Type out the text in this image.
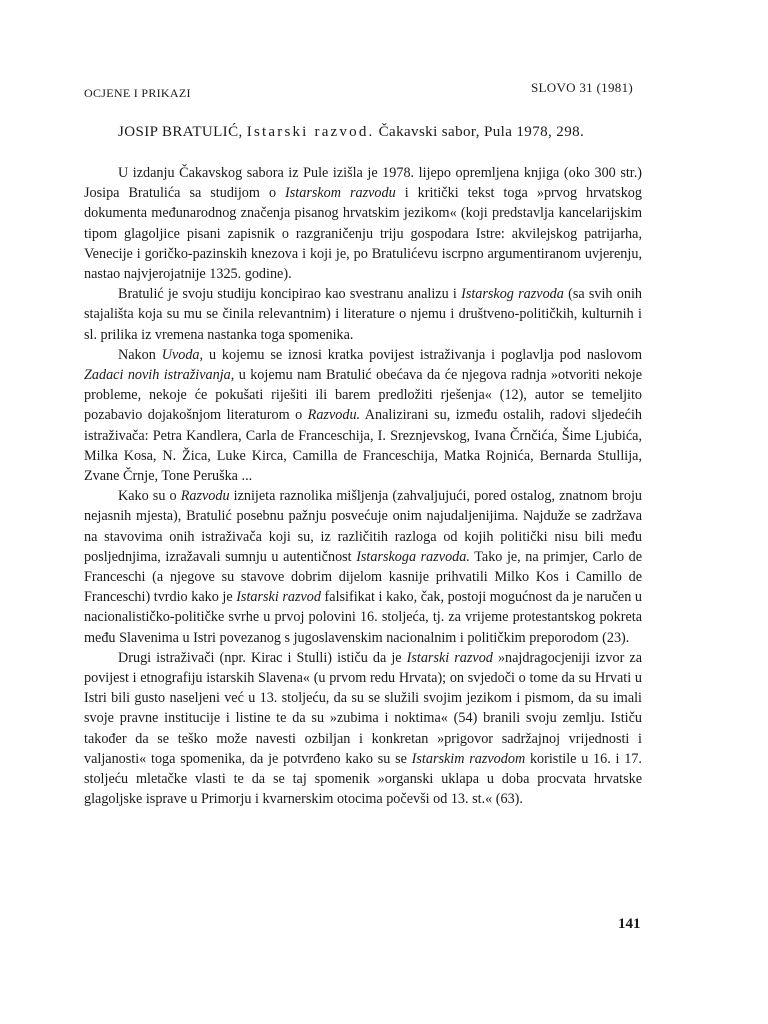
OCJENE I PRIKAZI	SLOVO 31 (1981)
JOSIP BRATULIĆ, Istarski razvod. Čakavski sabor, Pula 1978, 298.

U izdanju Čakavskog sabora iz Pule izišla je 1978. lijepo opremljena knjiga (oko 300 str.) Josipa Bratulića sa studijom o Istarskom razvodu i kritički tekst toga »prvog hrvatskog dokumenta međunarodnog značenja pisanog hrvatskim jezikom« (koji predstavlja kancelarijskim tipom glagoljice pisani zapisnik o razgraničenju triju gospodara Istre: akvilejskog patrijarha, Venecije i goričko-pazinskih knezova i koji je, po Bratulićevu iscrpno argumentiranom uvjerenju, nastao najvjerojatnije 1325. godine).

Bratulić je svoju studiju koncipirao kao svestranu analizu i Istarskog razvoda (sa svih onih stajališta koja su mu se činila relevantnim) i literature o njemu i društveno-političkih, kulturnih i sl. prilika iz vremena nastanka toga spomenika.

Nakon Uvoda, u kojemu se iznosi kratka povijest istraživanja i poglavlja pod naslovom Zadaci novih istraživanja, u kojemu nam Bratulić obećava da će njegova radnja »otvoriti nekoje probleme, nekoje će pokušati riješiti ili barem predložiti rješenja« (12), autor se temeljito pozabavio dojakošnjom literaturom o Razvodu. Analizirani su, između ostalih, radovi sljedećih istraživača: Petra Kandlera, Carla de Franceschija, I. Sreznjevskog, Ivana Črnčića, Šime Ljubića, Milka Kosa, N. Žica, Luke Kirca, Camilla de Franceschija, Matka Rojnića, Bernarda Stullija, Zvane Črnje, Tone Peruška ...

Kako su o Razvodu iznijeta raznolika mišljenja (zahvaljujući, pored ostalog, znatnom broju nejasnih mjesta), Bratulić posebnu pažnju posvećuje onim najudaljenijima. Najduže se zadržava na stavovima onih istraživača koji su, iz različitih razloga od kojih politički nisu bili među posljednjima, izražavali sumnju u autentičnost Istarskoga razvoda. Tako je, na primjer, Carlo de Franceschi (a njegove su stavove dobrim dijelom kasnije prihvatili Milko Kos i Camillo de Franceschi) tvrdio kako je Istarski razvod falsifikat i kako, čak, postoji mogućnost da je naručen u nacionalističko-političke svrhe u prvoj polovini 16. stoljeća, tj. za vrijeme protestantskog pokreta među Slavenima u Istri povezanog s jugoslavenskim nacionalnim i političkim preporodom (23).

Drugi istraživači (npr. Kirac i Stulli) ističu da je Istarski razvod »najdragocjeniji izvor za povijest i etnografiju istarskih Slavena« (u prvom redu Hrvata); on svjedoči o tome da su Hrvati u Istri bili gusto naseljeni već u 13. stoljeću, da su se služili svojim jezikom i pismom, da su imali svoje pravne institucije i listine te da su »zubima i noktima« (54) branili svoju zemlju. Ističu također da se teško može navesti ozbiljan i konkretan »prigovor sadržajnoj vrijednosti i valjanosti« toga spomenika, da je potvrđeno kako su se Istarskim razvodom koristile u 16. i 17. stoljeću mletačke vlasti te da se taj spomenik »organski uklapa u doba procvata hrvatske glagoljske isprave u Primorju i kvarnerskim otocima počevši od 13. st.« (63).

141
